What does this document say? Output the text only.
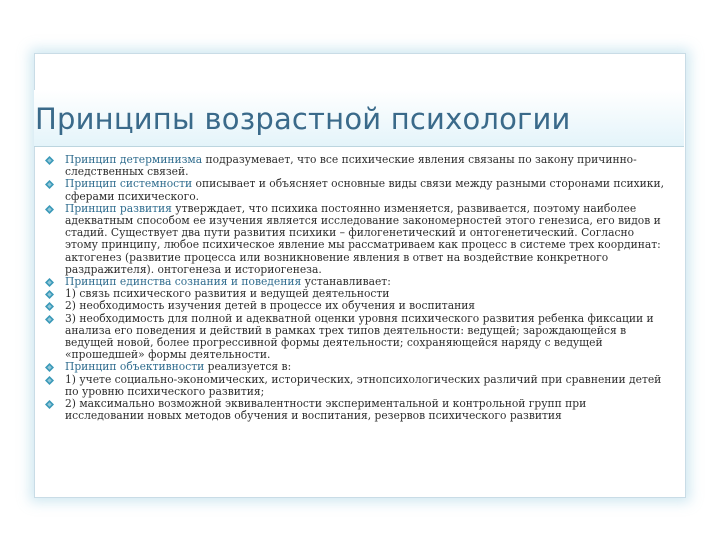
Принципы возрастной психологии
Принцип детерминизма подразумевает, что все психические явления связаны по закону причинно-следственных связей.
Принцип системности описывает и объясняет основные виды связи между разными сторонами психики, сферами психического.
Принцип развития утверждает, что психика постоянно изменяется, развивается, поэтому наиболее адекватным способом ее изучения является исследование закономерностей этого генезиса, его видов и стадий. Существует два пути развития психики – филогенетический и онтогенетический. Согласно этому принципу, любое психическое явление мы рассматриваем как процесс в системе трех координат: актогенез (развитие процесса или возникновение явления в ответ на воздействие конкретного раздражителя). онтогенеза и историогенеза.
Принцип единства сознания и поведения устанавливает:
1) связь психического развития и ведущей деятельности
2) необходимость изучения детей в процессе их обучения и воспитания
3) необходимость для полной и адекватной оценки уровня психического развития ребенка фиксации и анализа его поведения и действий в рамках трех типов деятельности: ведущей; зарождающейся в ведущей новой, более прогрессивной формы деятельности; сохраняющейся наряду с ведущей «прошедшей» формы деятельности.
Принцип объективности реализуется в:
1) учете социально-экономических, исторических, этнопсихологических различий при сравнении детей по уровню психического развития;
2) максимально возможной эквивалентности экспериментальной и контрольной групп при исследовании новых методов обучения и воспитания, резервов психического развития
